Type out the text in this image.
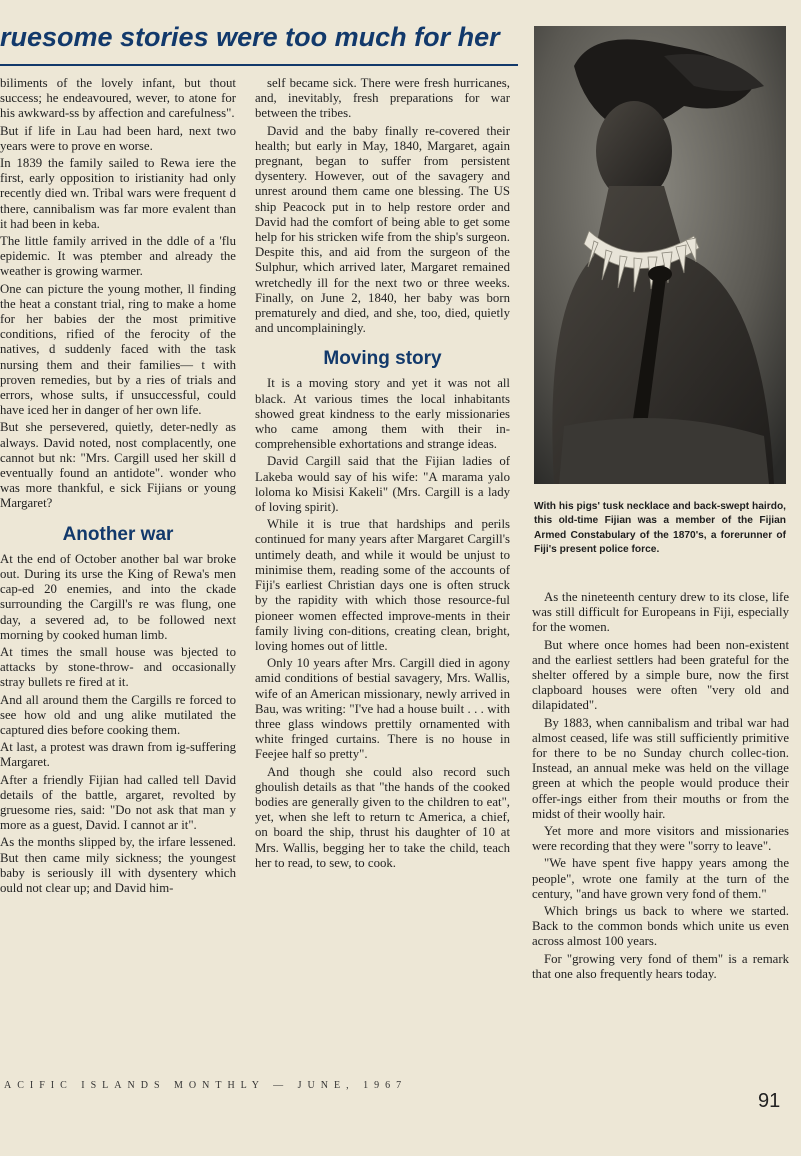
ruesome stories were too much for her

biliments of the lovely infant, but thout success; he endeavoured, wever, to atone for his awkward-ss by affection and carefulness".

But if life in Lau had been hard, next two years were to prove en worse.

In 1839 the family sailed to Rewa iere the first, early opposition to iristianity had only recently died wn. Tribal wars were frequent d there, cannibalism was far more evalent than it had been in keba.

The little family arrived in the ddle of a 'flu epidemic. It was ptember and already the weather is growing warmer.

One can picture the young mother, ll finding the heat a constant trial, ring to make a home for her babies der the most primitive conditions, rified of the ferocity of the natives, d suddenly faced with the task nursing them and their families— t with proven remedies, but by a ries of trials and errors, whose sults, if unsuccessful, could have iced her in danger of her own life.

But she persevered, quietly, deter-nedly as always. David noted, nost complacently, one cannot but nk: "Mrs. Cargill used her skill d eventually found an antidote". wonder who was more thankful, e sick Fijians or young Margaret?

Another war

At the end of October another bal war broke out. During its urse the King of Rewa's men cap-ed 20 enemies, and into the ckade surrounding the Cargill's re was flung, one day, a severed ad, to be followed next morning by cooked human limb.

At times the small house was bjected to attacks by stone-throw- and occasionally stray bullets re fired at it.

And all around them the Cargills re forced to see how old and ung alike mutilated the captured dies before cooking them.

At last, a protest was drawn from ig-suffering Margaret.

After a friendly Fijian had called tell David details of the battle, argaret, revolted by gruesome ries, said: "Do not ask that man y more as a guest, David. I cannot ar it".

As the months slipped by, the irfare lessened. But then came mily sickness; the youngest baby is seriously ill with dysentery which ould not clear up; and David him-

self became sick. There were fresh hurricanes, and, inevitably, fresh preparations for war between the tribes.

David and the baby finally re-covered their health; but early in May, 1840, Margaret, again pregnant, began to suffer from persistent dysentery. However, out of the savagery and unrest around them came one blessing. The US ship Peacock put in to help restore order and David had the comfort of being able to get some help for his stricken wife from the ship's surgeon. Despite this, and aid from the surgeon of the Sulphur, which arrived later, Margaret remained wretchedly ill for the next two or three weeks. Finally, on June 2, 1840, her baby was born prematurely and died, and she, too, died, quietly and uncomplainingly.

Moving story

It is a moving story and yet it was not all black. At various times the local inhabitants showed great kindness to the early missionaries who came among them with their in-comprehensible exhortations and strange ideas.

David Cargill said that the Fijian ladies of Lakeba would say of his wife: "A marama yalo loloma ko Misisi Kakeli" (Mrs. Cargill is a lady of loving spirit).

While it is true that hardships and perils continued for many years after Margaret Cargill's untimely death, and while it would be unjust to minimise them, reading some of the accounts of Fiji's earliest Christian days one is often struck by the rapidity with which those resource-ful pioneer women effected improve-ments in their family living con-ditions, creating clean, bright, loving homes out of little.

Only 10 years after Mrs. Cargill died in agony amid conditions of bestial savagery, Mrs. Wallis, wife of an American missionary, newly arrived in Bau, was writing: "I've had a house built . . . with three glass windows prettily ornamented with white fringed curtains. There is no house in Feejee half so pretty".

And though she could also record such ghoulish details as that "the hands of the cooked bodies are generally given to the children to eat", yet, when she left to return tc America, a chief, on board the ship, thrust his daughter of 10 at Mrs. Wallis, begging her to take the child, teach her to read, to sew, to cook.

With his pigs' tusk necklace and back-swept hairdo, this old-time Fijian was a member of the Fijian Armed Constabulary of the 1870's, a forerunner of Fiji's present police force.

As the nineteenth century drew to its close, life was still difficult for Europeans in Fiji, especially for the women.

But where once homes had been non-existent and the earliest settlers had been grateful for the shelter offered by a simple bure, now the first clapboard houses were often "very old and dilapidated".

By 1883, when cannibalism and tribal war had almost ceased, life was still sufficiently primitive for there to be no Sunday church collec-tion. Instead, an annual meke was held on the village green at which the people would produce their offer-ings either from their mouths or from the midst of their woolly hair.

Yet more and more visitors and missionaries were recording that they were "sorry to leave".

"We have spent five happy years among the people", wrote one family at the turn of the century, "and have grown very fond of them."

Which brings us back to where we started. Back to the common bonds which unite us even across almost 100 years.

For "growing very fond of them" is a remark that one also frequently hears today.

ACIFIC ISLANDS MONTHLY — JUNE, 1967
91
